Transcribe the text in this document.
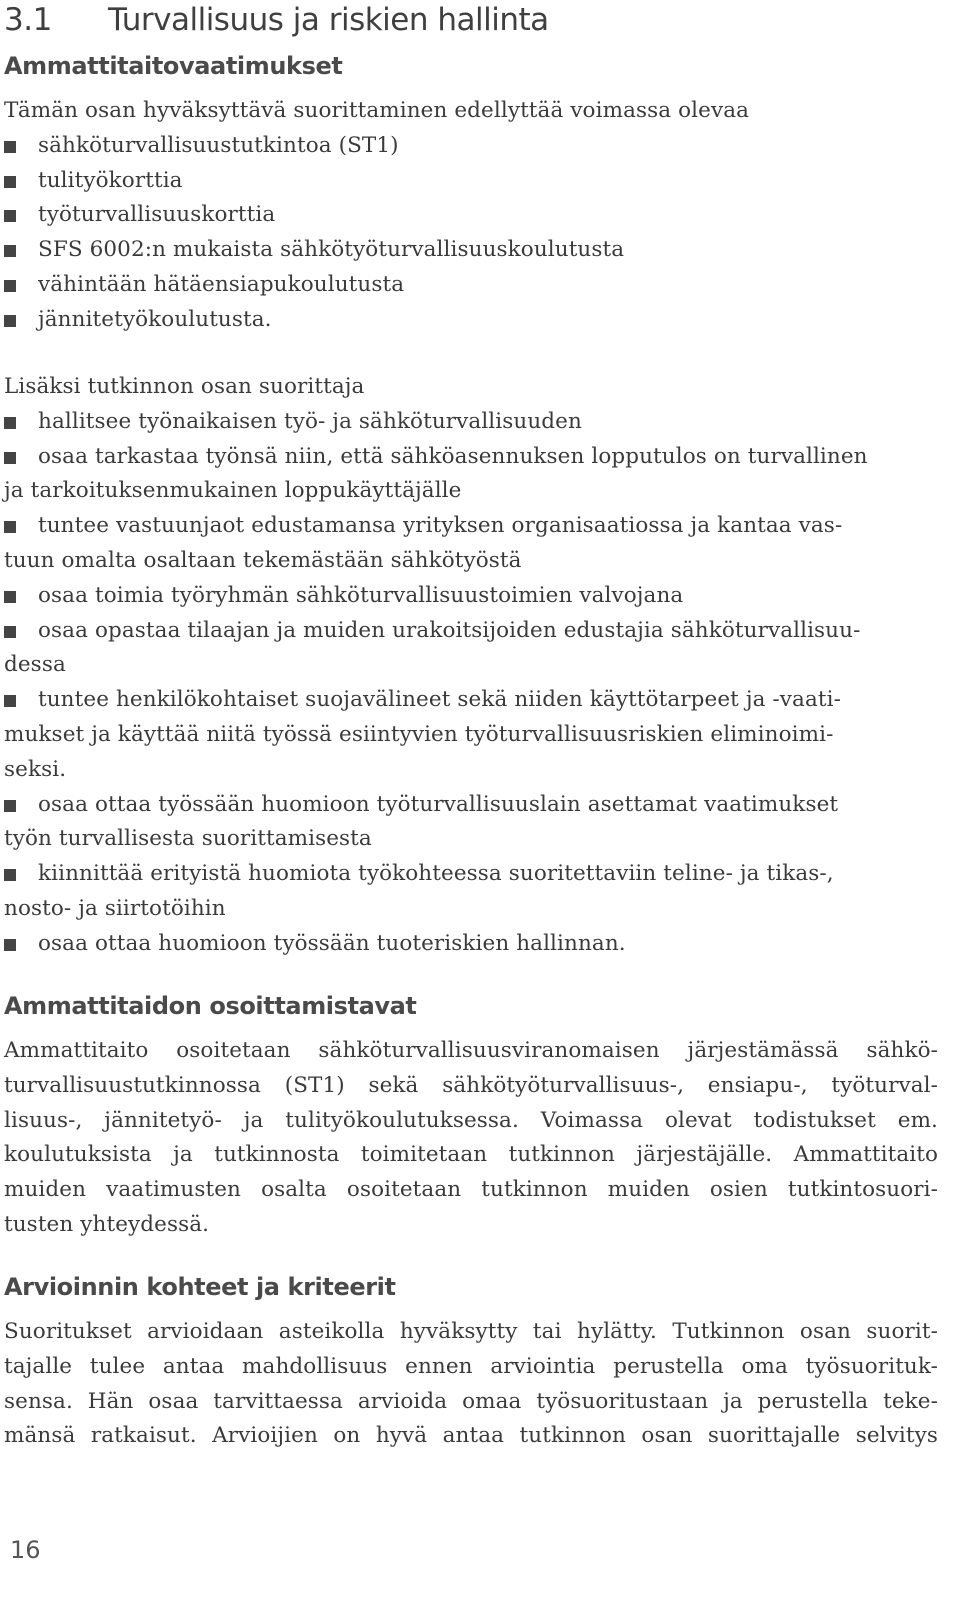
3.1 Turvallisuus ja riskien hallinta
Ammattitaitovaatimukset
Tämän osan hyväksyttävä suorittaminen edellyttää voimassa olevaa
sähköturvallisuustutkintoa (ST1)
tulityökorttia
työturvallisuuskorttia
SFS 6002:n mukaista sähkötyöturvallisuuskoulutusta
vähintään hätäensiapukoulutusta
jännitetyökoulutusta.
Lisäksi tutkinnon osan suorittaja
hallitsee työnaikaisen työ- ja sähköturvallisuuden
osaa tarkastaa työnsä niin, että sähköasennuksen lopputulos on turvallinen
ja tarkoituksenmukainen loppukäyttäjälle
tuntee vastuunjaot edustamansa yrityksen organisaatiossa ja kantaa vas-
tuun omalta osaltaan tekemästään sähkötyöstä
osaa toimia työryhmän sähköturvallisuustoimien valvojana
osaa opastaa tilaajan ja muiden urakoitsijoiden edustajia sähköturvallisuu-
dessa
tuntee henkilökohtaiset suojavälineet sekä niiden käyttötarpeet ja -vaati-
mukset ja käyttää niitä työssä esiintyvien työturvallisuusriskien eliminoimi-
seksi.
osaa ottaa työssään huomioon työturvallisuuslain asettamat vaatimukset
työn turvallisesta suorittamisesta
kiinnittää erityistä huomiota työkohteessa suoritettaviin teline- ja tikas-,
nosto- ja siirtotöihin
osaa ottaa huomioon työssään tuoteriskien hallinnan.
Ammattitaidon osoittamistavat
Ammattitaito osoitetaan sähköturvallisuusviranomaisen järjestämässä sähkö-
turvallisuustutkinnossa (ST1) sekä sähkötyöturvallisuus-, ensiapu-, työturval-
lisuus-, jännitetyö- ja tulityökoulutuksessa. Voimassa olevat todistukset em.
koulutuksista ja tutkinnosta toimitetaan tutkinnon järjestäjälle. Ammattitaito
muiden vaatimusten osalta osoitetaan tutkinnon muiden osien tutkintosuori-
tusten yhteydessä.
Arvioinnin kohteet ja kriteerit
Suoritukset arvioidaan asteikolla hyväksytty tai hylätty. Tutkinnon osan suorit-
tajalle tulee antaa mahdollisuus ennen arviointia perustella oma työsuorituk-
sensa. Hän osaa tarvittaessa arvioida omaa työsuoritustaan ja perustella teke-
mänsä ratkaisut. Arvioijien on hyvä antaa tutkinnon osan suorittajalle selvitys
16
